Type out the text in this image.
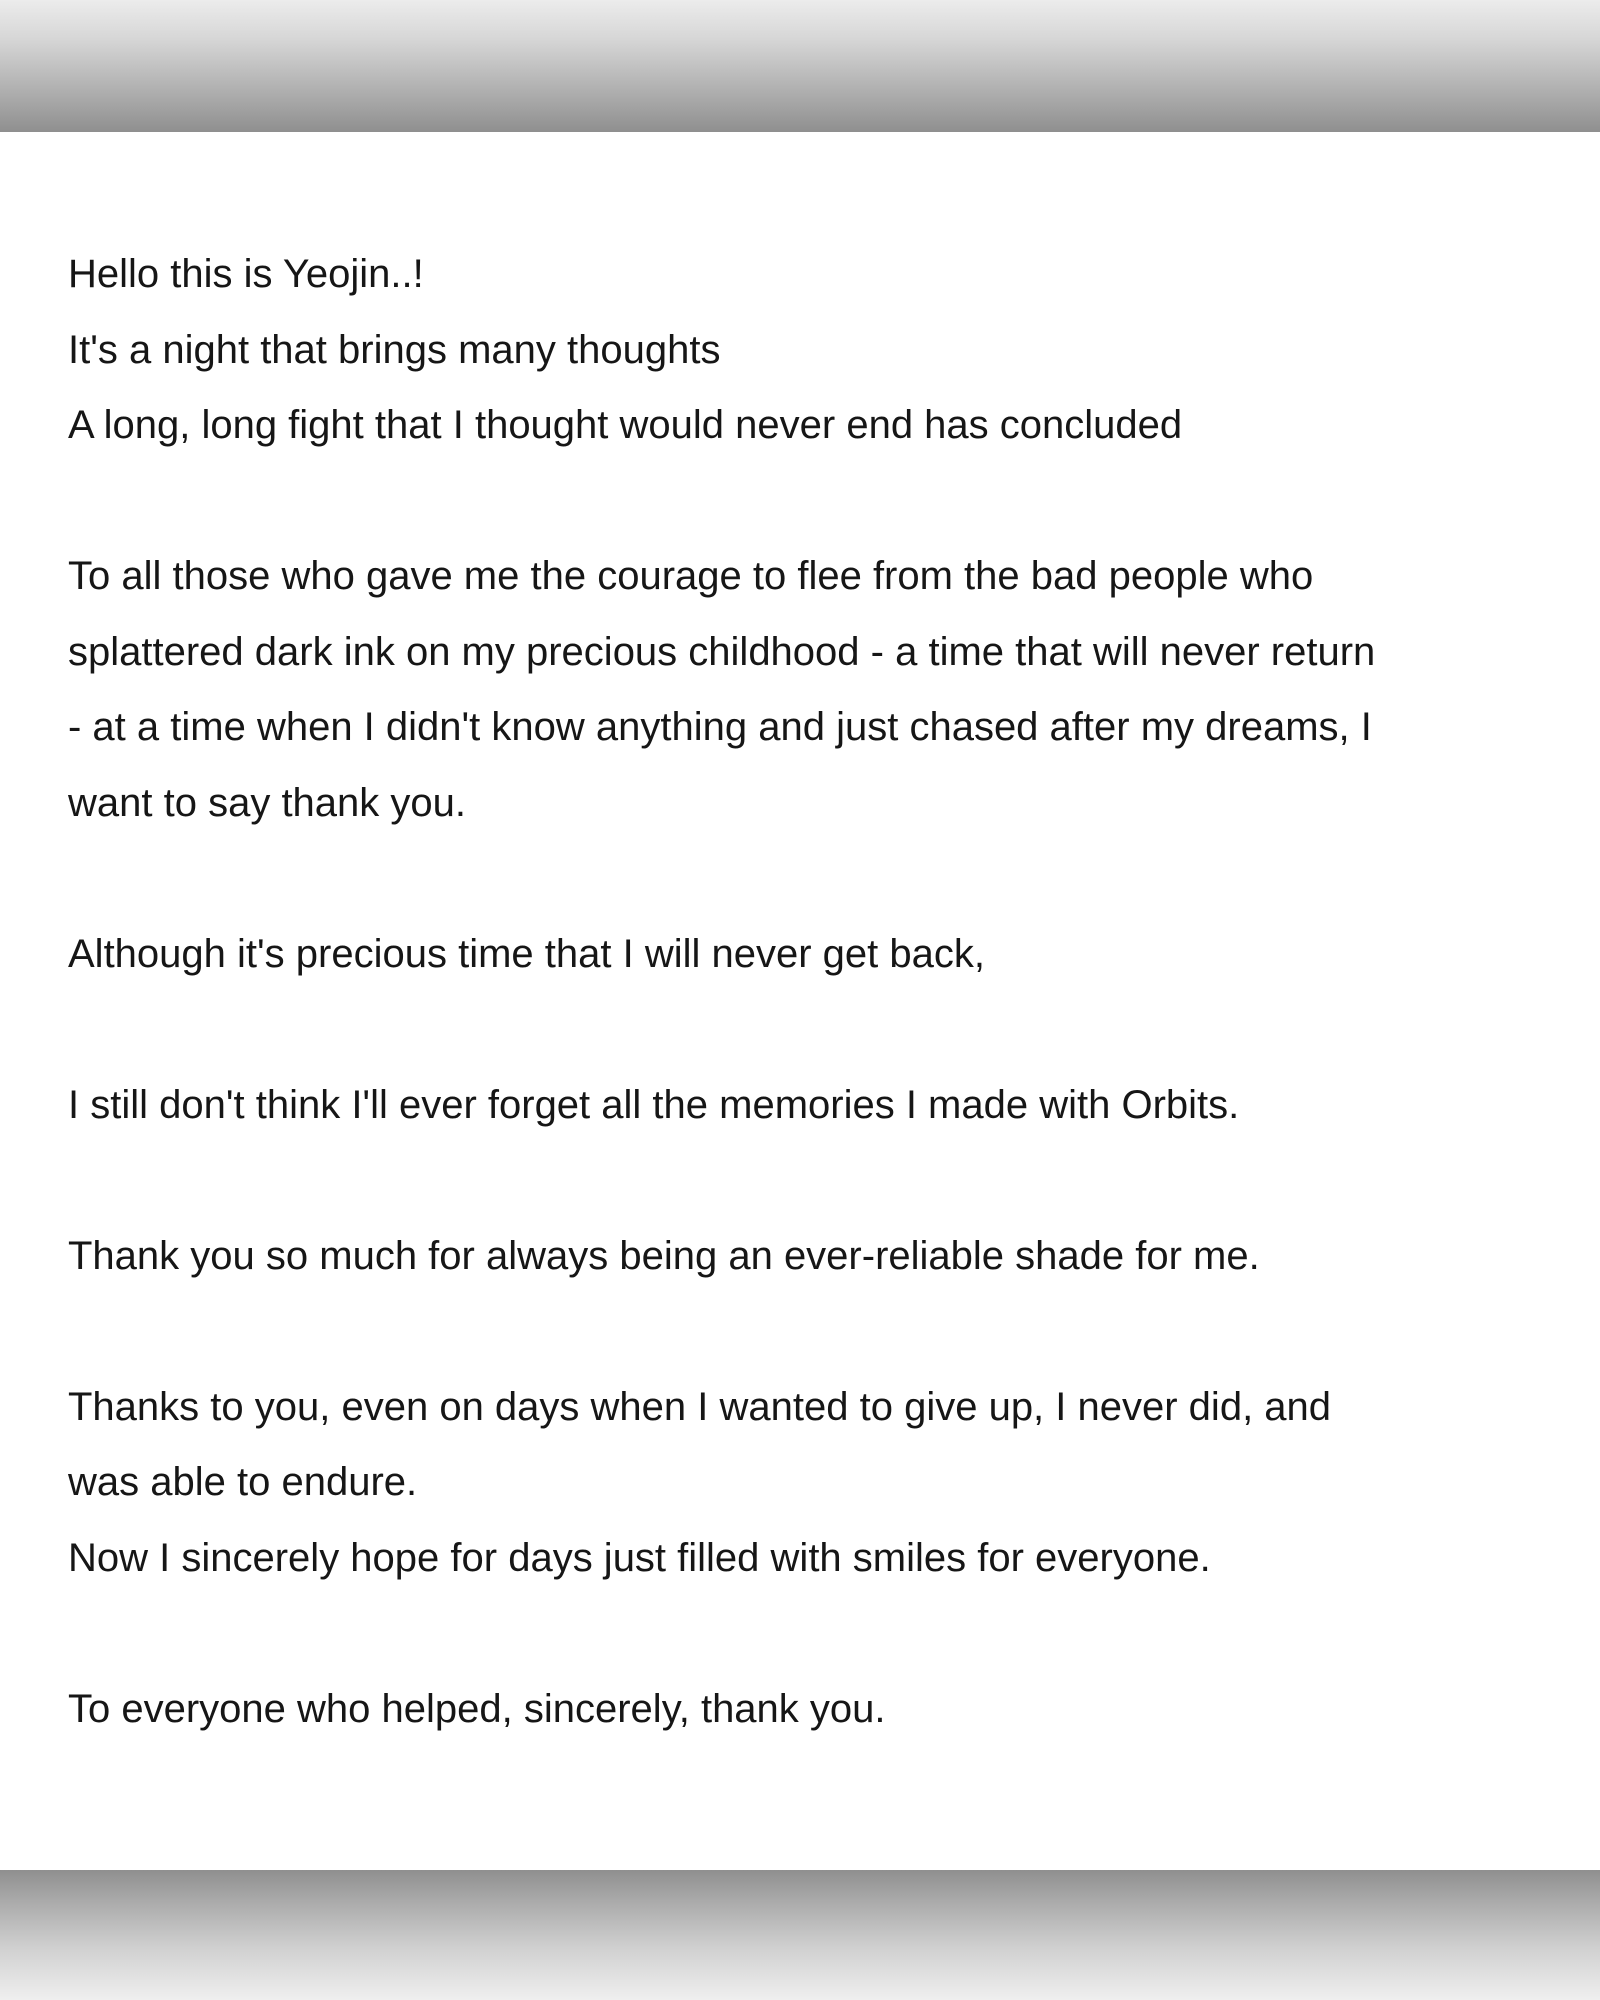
Hello this is Yeojin..!
It's a night that brings many thoughts
A long, long fight that I thought would never end has concluded
To all those who gave me the courage to flee from the bad people who
splattered dark ink on my precious childhood - a time that will never return
- at a time when I didn't know anything and just chased after my dreams, I
want to say thank you.
Although it's precious time that I will never get back,
I still don't think I'll ever forget all the memories I made with Orbits.
Thank you so much for always being an ever-reliable shade for me.
Thanks to you, even on days when I wanted to give up, I never did, and
was able to endure.
Now I sincerely hope for days just filled with smiles for everyone.
To everyone who helped, sincerely, thank you.
